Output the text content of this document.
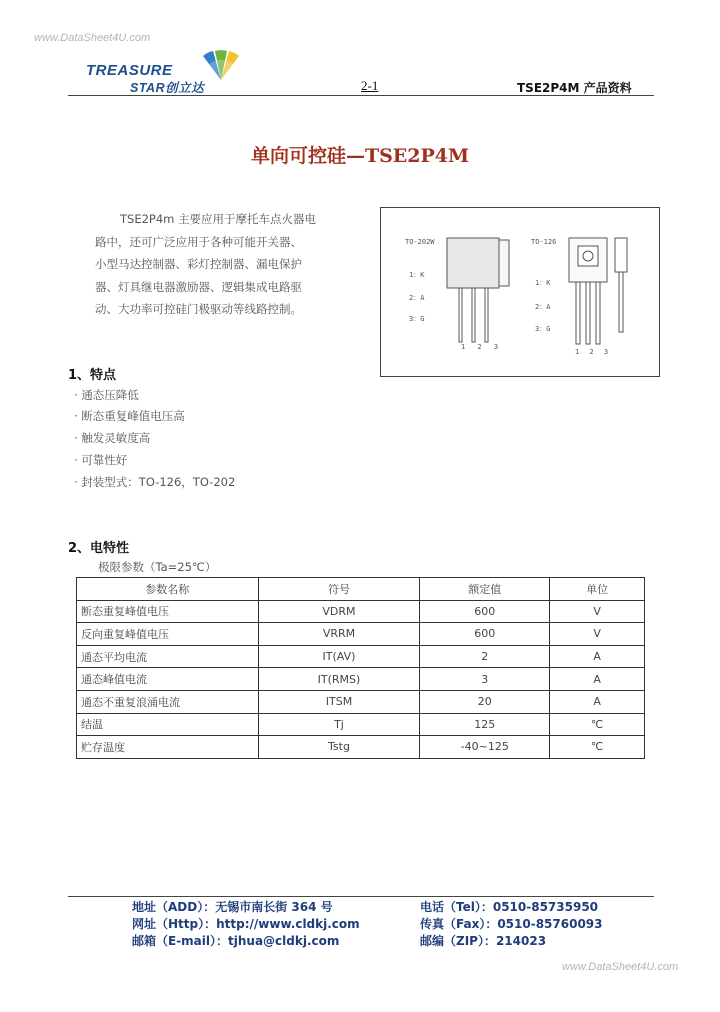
www.DataSheet4U.com
www.DataSheet4U.com
TREASURE
STAR创立达	2-1	TSE2P4M 产品资料
单向可控硅—TSE2P4M
TSE2P4m 主要应用于摩托车点火器电
路中，还可广泛应用于各种可能开关器、
小型马达控制器、彩灯控制器、漏电保护
器、灯具继电器激励器、逻辑集成电路驱
动、大功率可控硅门极驱动等线路控制。
TO-202W
1：K
2：A
3：G
1 2 3
TO-126
1：K
2：A
3：G
1 2 3
1、特点
· 通态压降低
· 断态重复峰值电压高
· 触发灵敏度高
· 可靠性好
· 封装型式：TO-126，TO-202
2、电特性
极限参数（Ta=25℃）
参数名称	符号	额定值	单位
断态重复峰值电压	VDRM	600	V
反向重复峰值电压	VRRM	600	V
通态平均电流	IT(AV)	2	A
通态峰值电流	IT(RMS)	3	A
通态不重复浪涌电流	ITSM	20	A
结温	Tj	125	℃
贮存温度	Tstg	-40~125	℃
地址（ADD）：无锡市南长街 364 号	电话（Tel）：0510-85735950
网址（Http）：http://www.cldkj.com	传真（Fax）：0510-85760093
邮箱（E-mail）：tjhua@cldkj.com	邮编（ZIP）：214023
